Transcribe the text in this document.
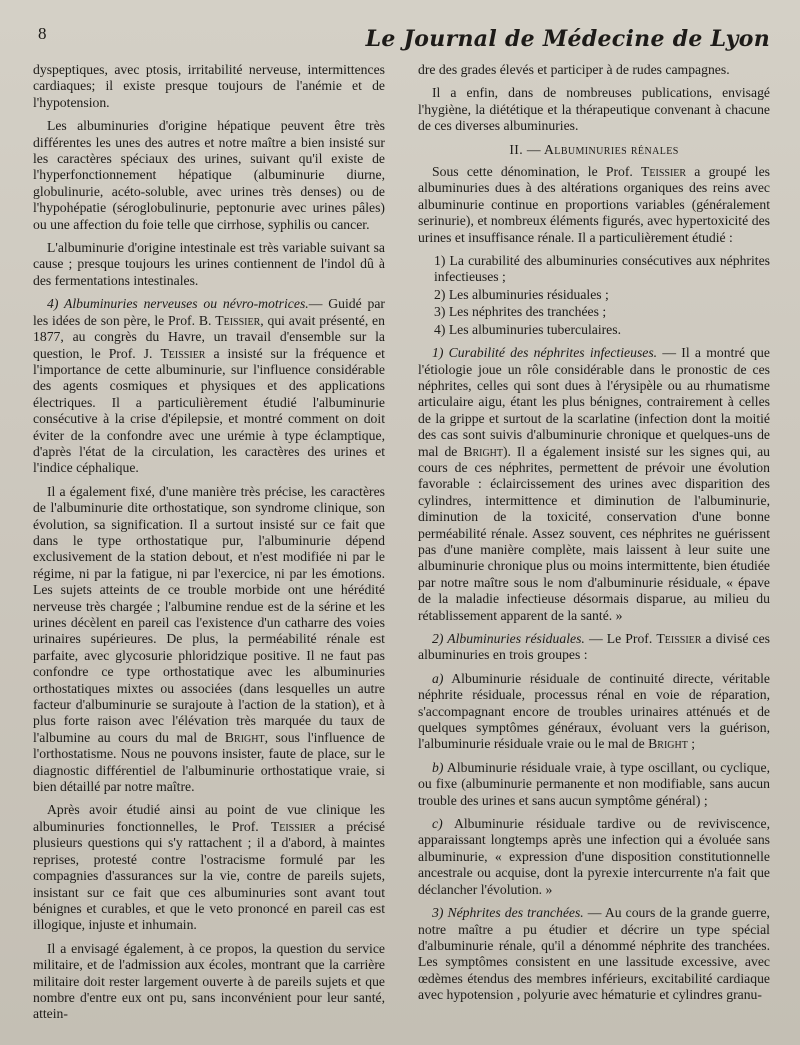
8	Le Journal de Médecine de Lyon

dyspeptiques, avec ptosis, irritabilité nerveuse, intermittences cardiaques; il existe presque toujours de l'anémie et de l'hypotension.

Les albuminuries d'origine hépatique peuvent être très différentes les unes des autres et notre maître a bien insisté sur les caractères spéciaux des urines, suivant qu'il existe de l'hyperfonctionnement hépatique (albuminurie diurne, globulinurie, acéto-soluble, avec urines très denses) ou de l'hypohépatie (séroglobulinurie, peptonurie avec urines pâles) ou une affection du foie telle que cirrhose, syphilis ou cancer.

L'albuminurie d'origine intestinale est très variable suivant sa cause ; presque toujours les urines contiennent de l'indol dû à des fermentations intestinales.

4) Albuminuries nerveuses ou névro-motrices.— Guidé par les idées de son père, le Prof. B. Teissier, qui avait présenté, en 1877, au congrès du Havre, un travail d'ensemble sur la question, le Prof. J. Teissier a insisté sur la fréquence et l'importance de cette albuminurie, sur l'influence considérable des agents cosmiques et physiques et des applications électriques. Il a particulièrement étudié l'albuminurie consécutive à la crise d'épilepsie, et montré comment on doit éviter de la confondre avec une urémie à type éclamptique, d'après l'état de la circulation, les caractères des urines et l'indice céphalique.

Il a également fixé, d'une manière très précise, les caractères de l'albuminurie dite orthostatique, son syndrome clinique, son évolution, sa signification. Il a surtout insisté sur ce fait que dans le type orthostatique pur, l'albuminurie dépend exclusivement de la station debout, et n'est modifiée ni par le régime, ni par la fatigue, ni par l'exercice, ni par les émotions. Les sujets atteints de ce trouble morbide ont une hérédité nerveuse très chargée ; l'albumine rendue est de la sérine et les urines décèlent en pareil cas l'existence d'un catharre des voies urinaires supérieures. De plus, la perméabilité rénale est parfaite, avec glycosurie phloridzique positive. Il ne faut pas confondre ce type orthostatique avec les albuminuries orthostatiques mixtes ou associées (dans lesquelles un autre facteur d'albuminurie se surajoute à l'action de la station), et à plus forte raison avec l'élévation très marquée du taux de l'albumine au cours du mal de Bright, sous l'influence de l'orthostatisme. Nous ne pouvons insister, faute de place, sur le diagnostic différentiel de l'albuminurie orthostatique vraie, si bien détaillé par notre maître.

Après avoir étudié ainsi au point de vue clinique les albuminuries fonctionnelles, le Prof. Teissier a précisé plusieurs questions qui s'y rattachent ; il a d'abord, à maintes reprises, protesté contre l'ostracisme formulé par les compagnies d'assurances sur la vie, contre de pareils sujets, insistant sur ce fait que ces albuminuries sont avant tout bénignes et curables, et que le veto prononcé en pareil cas est illogique, injuste et inhumain.

Il a envisagé également, à ce propos, la question du service militaire, et de l'admission aux écoles, montrant que la carrière militaire doit rester largement ouverte à de pareils sujets et que nombre d'entre eux ont pu, sans inconvénient pour leur santé, attein-

dre des grades élevés et participer à de rudes campagnes.

Il a enfin, dans de nombreuses publications, envisagé l'hygiène, la diététique et la thérapeutique convenant à chacune de ces diverses albuminuries.

II. — Albuminuries rénales

Sous cette dénomination, le Prof. Teissier a groupé les albuminuries dues à des altérations organiques des reins avec albuminurie continue en proportions variables (généralement serinurie), et nombreux éléments figurés, avec hypertoxicité des urines et insuffisance rénale. Il a particulièrement étudié :

1) La curabilité des albuminuries consécutives aux néphrites infectieuses ;

2) Les albuminuries résiduales ;

3) Les néphrites des tranchées ;

4) Les albuminuries tuberculaires.

1) Curabilité des néphrites infectieuses. — Il a montré que l'étiologie joue un rôle considérable dans le pronostic de ces néphrites, celles qui sont dues à l'érysipèle ou au rhumatisme articulaire aigu, étant les plus bénignes, contrairement à celles de la grippe et surtout de la scarlatine (infection dont la moitié des cas sont suivis d'albuminurie chronique et quelques-uns de mal de Bright). Il a également insisté sur les signes qui, au cours de ces néphrites, permettent de prévoir une évolution favorable : éclaircissement des urines avec disparition des cylindres, intermittence et diminution de l'albuminurie, diminution de la toxicité, conservation d'une bonne perméabilité rénale. Assez souvent, ces néphrites ne guérissent pas d'une manière complète, mais laissent à leur suite une albuminurie chronique plus ou moins intermittente, bien étudiée par notre maître sous le nom d'albuminurie résiduale, « épave de la maladie infectieuse désormais disparue, au milieu du rétablissement apparent de la santé. »

2) Albuminuries résiduales. — Le Prof. Teissier a divisé ces albuminuries en trois groupes :

a) Albuminurie résiduale de continuité directe, véritable néphrite résiduale, processus rénal en voie de réparation, s'accompagnant encore de troubles urinaires atténués et de quelques symptômes généraux, évoluant vers la guérison, l'albuminurie résiduale vraie ou le mal de Bright ;

b) Albuminurie résiduale vraie, à type oscillant, ou cyclique, ou fixe (albuminurie permanente et non modifiable, sans aucun trouble des urines et sans aucun symptôme général) ;

c) Albuminurie résiduale tardive ou de reviviscence, apparaissant longtemps après une infection qui a évoluée sans albuminurie, « expression d'une disposition constitutionnelle ancestrale ou acquise, dont la pyrexie intercurrente n'a fait que déclancher l'évolution. »

3) Néphrites des tranchées. — Au cours de la grande guerre, notre maître a pu étudier et décrire un type spécial d'albuminurie rénale, qu'il a dénommé néphrite des tranchées. Les symptômes consistent en une lassitude excessive, avec œdèmes étendus des membres inférieurs, excitabilité cardiaque avec hypotension , polyurie avec hématurie et cylindres granu-
